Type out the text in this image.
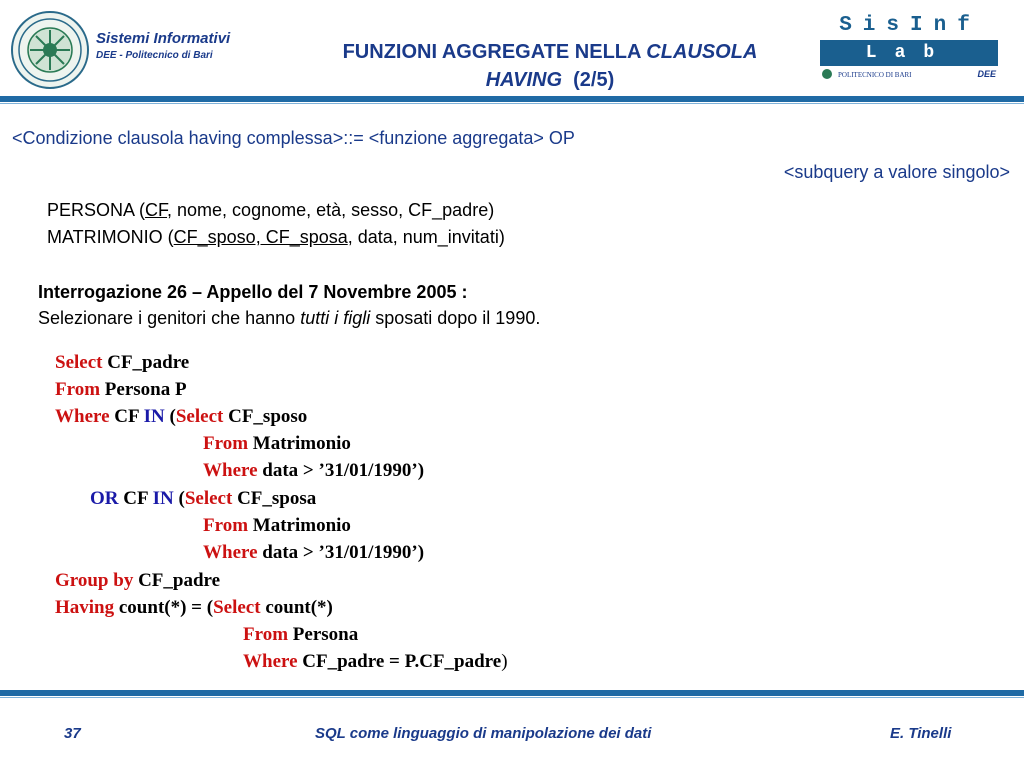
Sistemi Informativi
DEE - Politecnico di Bari	FUNZIONI AGGREGATE NELLA CLAUSOLA
HAVING  (2/5)
SisInf
Lab
POLITECNICO DI BARI	DEE
<Condizione clausola having complessa>::= <funzione aggregata> OP
<subquery a valore singolo>
PERSONA (CF, nome, cognome, età, sesso, CF_padre)
MATRIMONIO (CF_sposo, CF_sposa, data, num_invitati)
Interrogazione 26 – Appello del 7 Novembre 2005 :
Selezionare i genitori che hanno tutti i figli sposati dopo il 1990.
Select CF_padre
From Persona P
Where CF IN (Select CF_sposo
From Matrimonio
Where data > ’31/01/1990’)
OR CF IN (Select CF_sposa
From Matrimonio
Where data > ’31/01/1990’)
Group by CF_padre
Having count(*) = (Select count(*)
From Persona
Where CF_padre = P.CF_padre)
37	SQL come linguaggio di manipolazione dei dati	E. Tinelli
